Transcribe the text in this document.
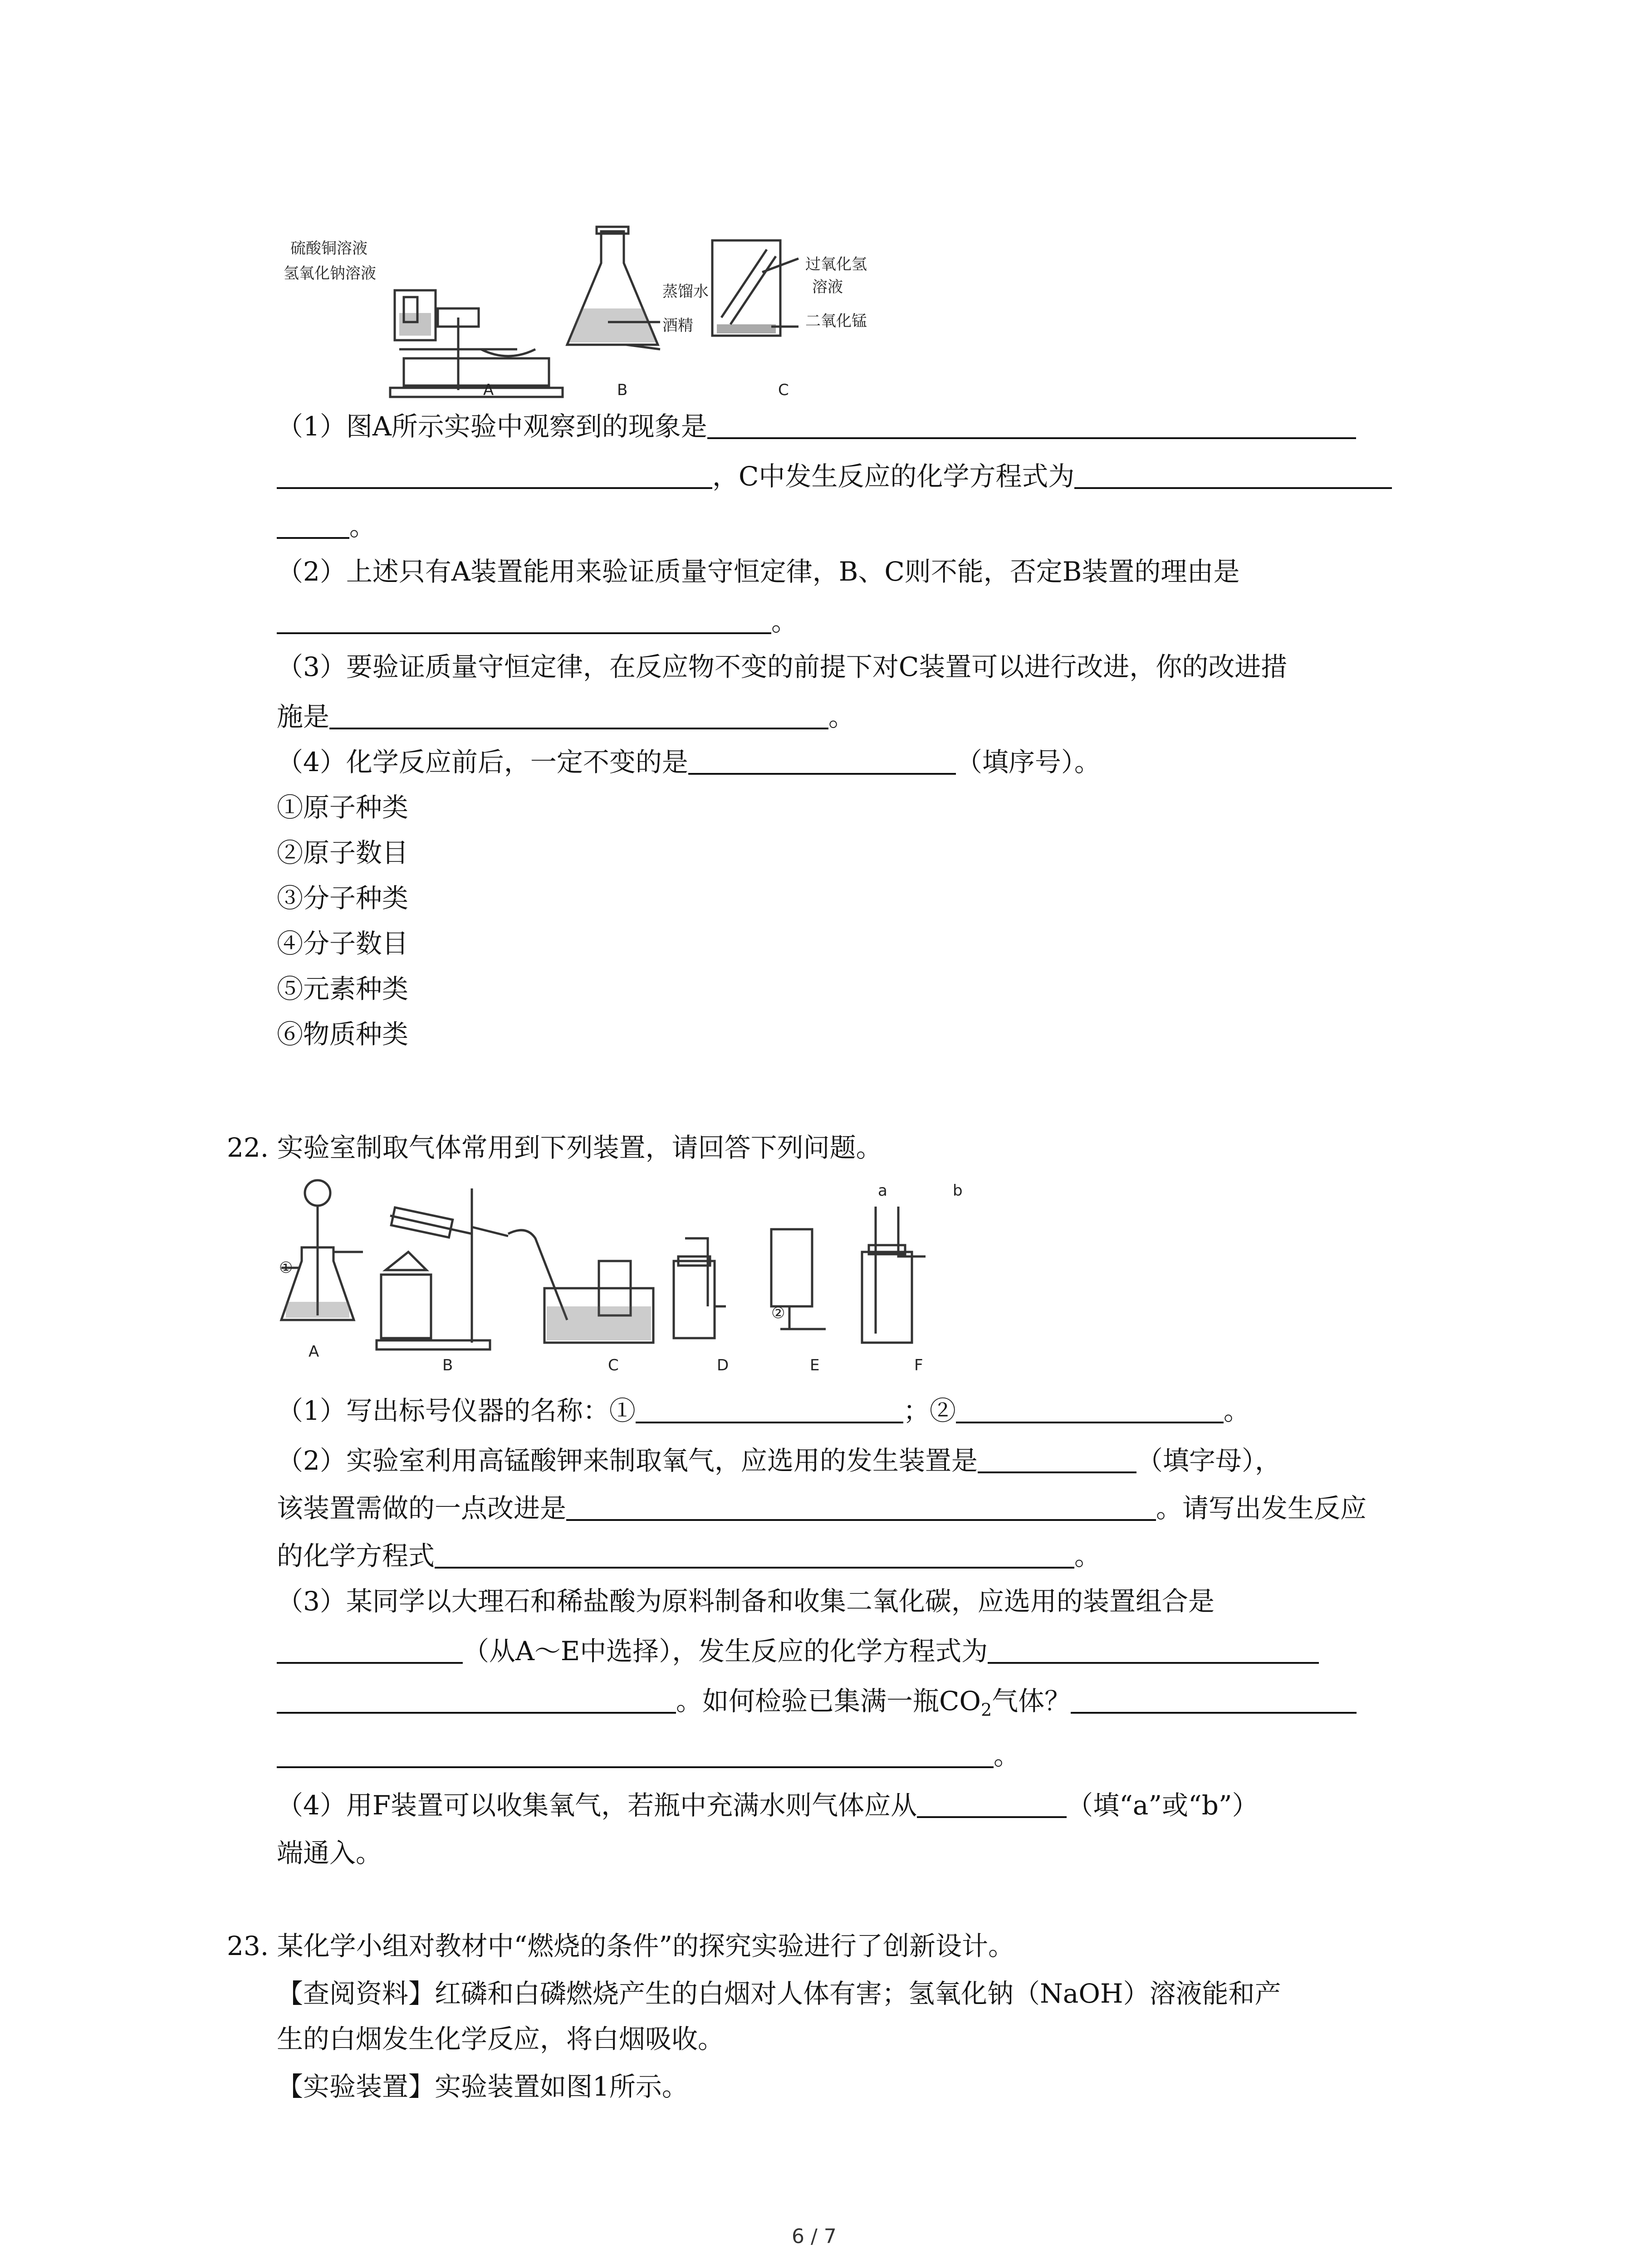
硫酸铜溶液
氢氧化钠溶液
蒸馏水
酒精
过氧化氢
溶液
二氧化锰
A	B	C
（1）图A所示实验中观察到的现象是
，C中发生反应的化学方程式为
。
（2）上述只有A装置能用来验证质量守恒定律，B、C则不能，否定B装置的理由是
。
（3）要验证质量守恒定律，在反应物不变的前提下对C装置可以进行改进，你的改进措
施是	。
（4）化学反应前后，一定不变的是	（填序号）。
①原子种类
②原子数目
③分子种类
④分子数目
⑤元素种类
⑥物质种类
22. 实验室制取气体常用到下列装置，请回答下列问题。
①
②
a	b
A
B	C	D	E	F
（1）写出标号仪器的名称：①	；②	。
（2）实验室利用高锰酸钾来制取氧气，应选用的发生装置是	（填字母），
该装置需做的一点改进是	。请写出发生反应
的化学方程式	。
（3）某同学以大理石和稀盐酸为原料制备和收集二氧化碳，应选用的装置组合是
（从A～E中选择），发生反应的化学方程式为
。如何检验已集满一瓶$CO_2$气体？
。
（4）用F装置可以收集氧气，若瓶中充满水则气体应从	（填“a”或“b”）
端通入。
23. 某化学小组对教材中“燃烧的条件”的探究实验进行了创新设计。
【查阅资料】红磷和白磷燃烧产生的白烟对人体有害；氢氧化钠（NaOH）溶液能和产
生的白烟发生化学反应，将白烟吸收。
【实验装置】实验装置如图1所示。
6 / 7
